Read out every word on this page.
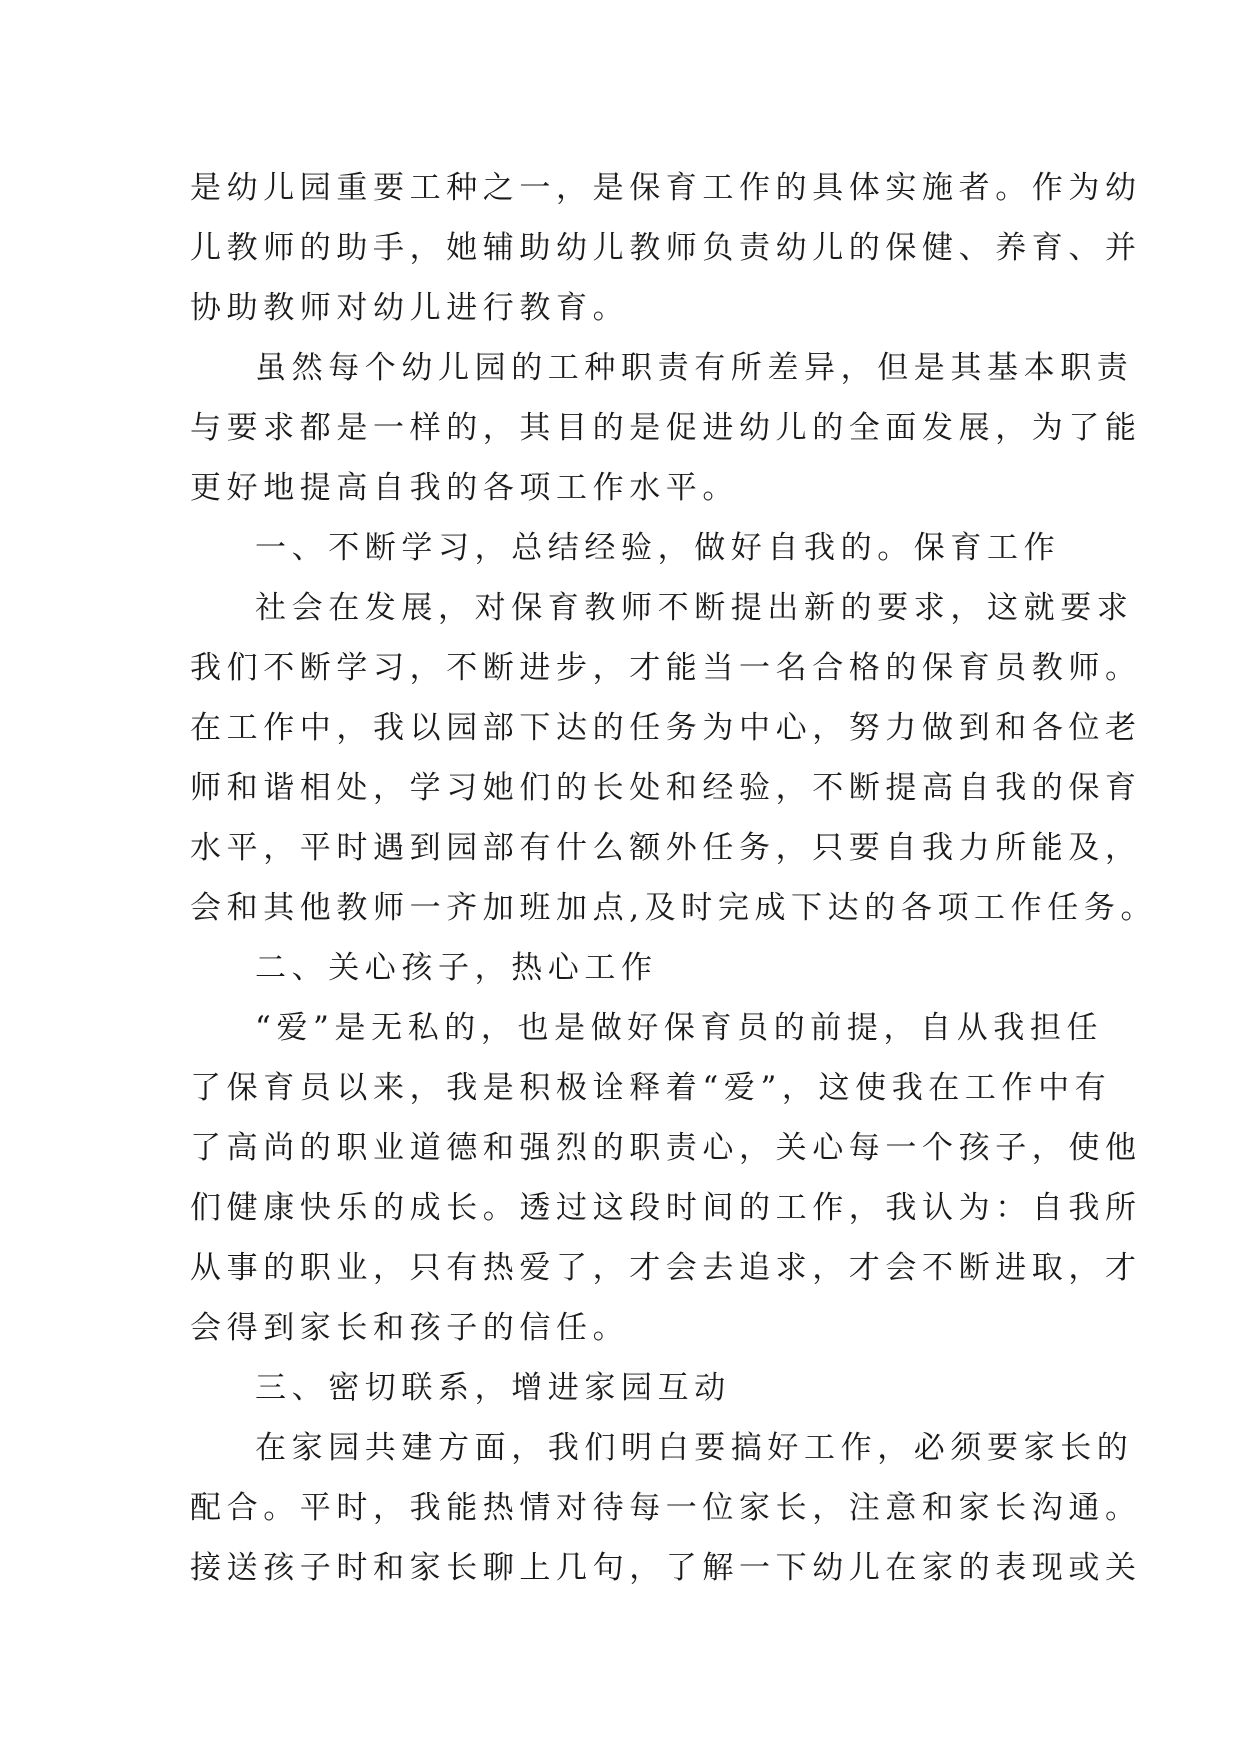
是幼儿园重要工种之一，是保育工作的具体实施者。作为幼
儿教师的助手，她辅助幼儿教师负责幼儿的保健、养育、并
协助教师对幼儿进行教育。
虽然每个幼儿园的工种职责有所差异，但是其基本职责
与要求都是一样的，其目的是促进幼儿的全面发展，为了能
更好地提高自我的各项工作水平。
一、不断学习，总结经验，做好自我的。保育工作
社会在发展，对保育教师不断提出新的要求，这就要求
我们不断学习，不断进步，才能当一名合格的保育员教师。
在工作中，我以园部下达的任务为中心，努力做到和各位老
师和谐相处，学习她们的长处和经验，不断提高自我的保育
水平，平时遇到园部有什么额外任务，只要自我力所能及，
会和其他教师一齐加班加点,及时完成下达的各项工作任务。
二、关心孩子，热心工作
“爱”是无私的，也是做好保育员的前提，自从我担任
了保育员以来，我是积极诠释着“爱”，这使我在工作中有
了高尚的职业道德和强烈的职责心，关心每一个孩子，使他
们健康快乐的成长。透过这段时间的工作，我认为：自我所
从事的职业，只有热爱了，才会去追求，才会不断进取，才
会得到家长和孩子的信任。
三、密切联系，增进家园互动
在家园共建方面，我们明白要搞好工作，必须要家长的
配合。平时，我能热情对待每一位家长，注意和家长沟通。
接送孩子时和家长聊上几句，了解一下幼儿在家的表现或关
